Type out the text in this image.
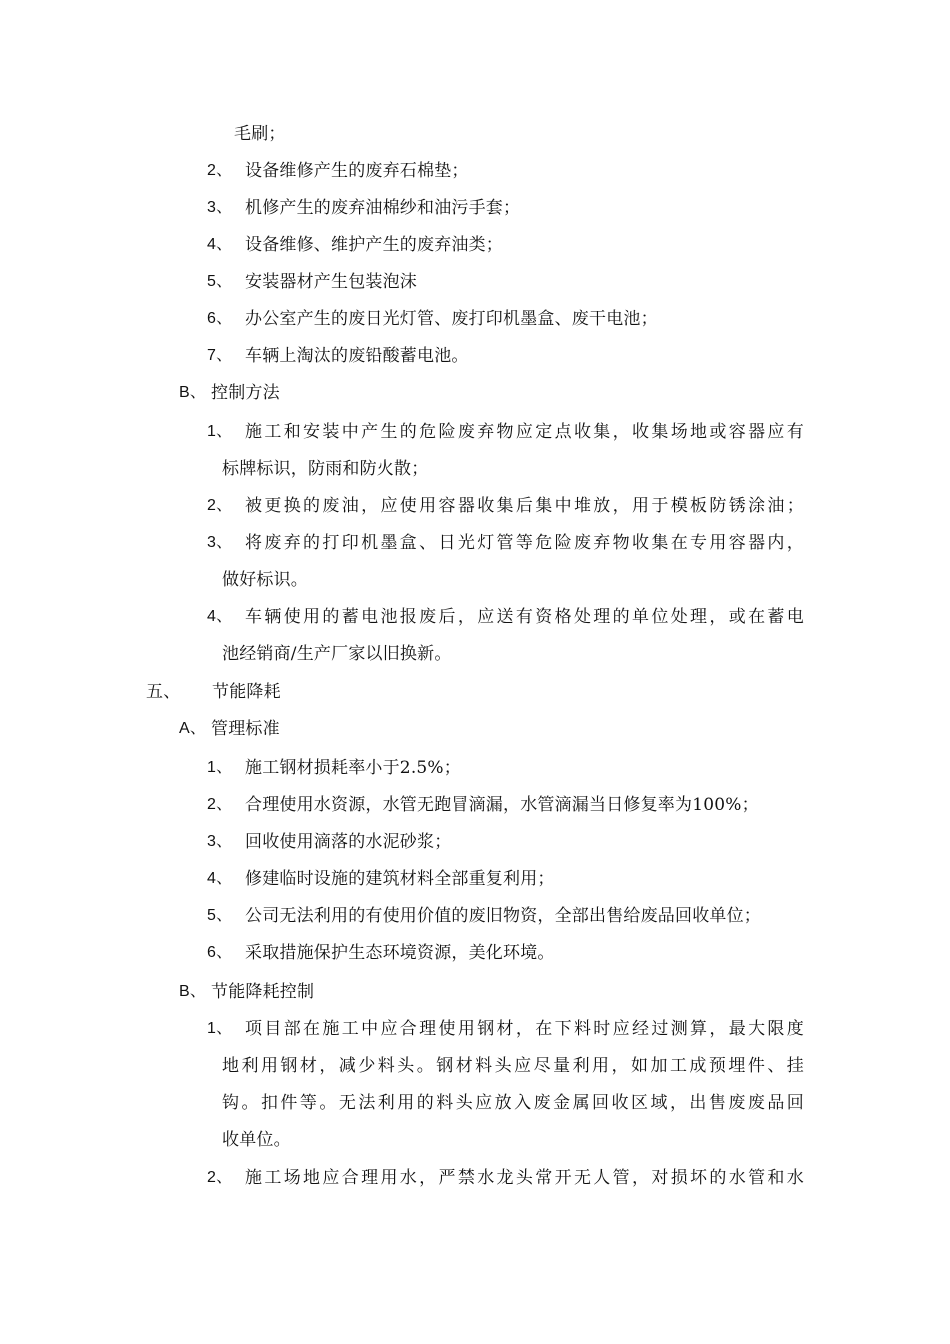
毛刷；
2、 设备维修产生的废弃石棉垫；
3、 机修产生的废弃油棉纱和油污手套；
4、 设备维修、维护产生的废弃油类；
5、 安装器材产生包装泡沫
6、 办公室产生的废日光灯管、废打印机墨盒、废干电池；
7、 车辆上淘汰的废铅酸蓄电池。
B、 控制方法
1、 施工和安装中产生的危险废弃物应定点收集，收集场地或容器应有
标牌标识，防雨和防火散；
2、 被更换的废油，应使用容器收集后集中堆放，用于模板防锈涂油；
3、 将废弃的打印机墨盒、日光灯管等危险废弃物收集在专用容器内，
做好标识。
4、 车辆使用的蓄电池报废后，应送有资格处理的单位处理，或在蓄电
池经销商/生产厂家以旧换新。
五、 节能降耗
A、 管理标准
1、 施工钢材损耗率小于2.5%；
2、 合理使用水资源，水管无跑冒滴漏，水管滴漏当日修复率为100%；
3、 回收使用滴落的水泥砂浆；
4、 修建临时设施的建筑材料全部重复利用；
5、 公司无法利用的有使用价值的废旧物资，全部出售给废品回收单位；
6、 采取措施保护生态环境资源，美化环境。
B、 节能降耗控制
1、 项目部在施工中应合理使用钢材，在下料时应经过测算，最大限度
地利用钢材，减少料头。钢材料头应尽量利用，如加工成预埋件、挂
钩。扣件等。无法利用的料头应放入废金属回收区域，出售废废品回
收单位。
2、 施工场地应合理用水，严禁水龙头常开无人管，对损坏的水管和水
